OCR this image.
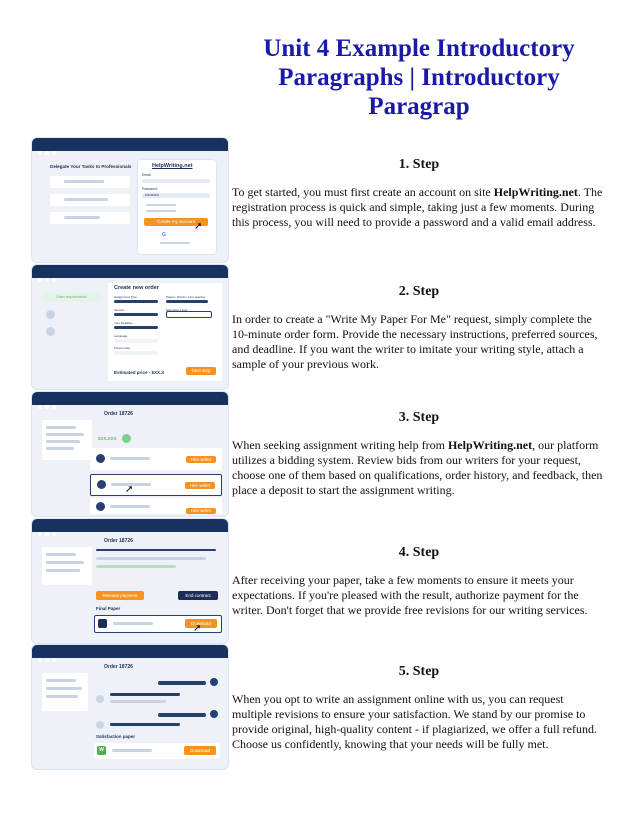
Unit 4 Example Introductory Paragraphs | Introductory Paragrap
Delegate Your Tasks to Professionals	HelpWriting.net
Email
Password
••••••••••
Create my account
G
➚
Order requirements
Create new order
Assignment Type	Pages / Words / Line spacing
Service	Education Level
Your Deadline
Language
Phone code
Estimated price - $XX.X	Next step
Order 18726
$XX.XXX
Hire writer
Hire writer
➚
Hire writer
Order 18726
Release payment	End contract
Final Paper
Download
➚
Order 18726
Satisfaction paper
W	Download

1. Step

To get started, you must first create an account on site HelpWriting.net. The registration process is quick and simple, taking just a few moments. During this process, you will need to provide a password and a valid email address.

2. Step

In order to create a "Write My Paper For Me" request, simply complete the 10-minute order form. Provide the necessary instructions, preferred sources, and deadline. If you want the writer to imitate your writing style, attach a sample of your previous work.

3. Step

When seeking assignment writing help from HelpWriting.net, our platform utilizes a bidding system. Review bids from our writers for your request, choose one of them based on qualifications, order history, and feedback, then place a deposit to start the assignment writing.

4. Step

After receiving your paper, take a few moments to ensure it meets your expectations. If you're pleased with the result, authorize payment for the writer. Don't forget that we provide free revisions for our writing services.

5. Step

When you opt to write an assignment online with us, you can request multiple revisions to ensure your satisfaction. We stand by our promise to provide original, high-quality content - if plagiarized, we offer a full refund. Choose us confidently, knowing that your needs will be fully met.
